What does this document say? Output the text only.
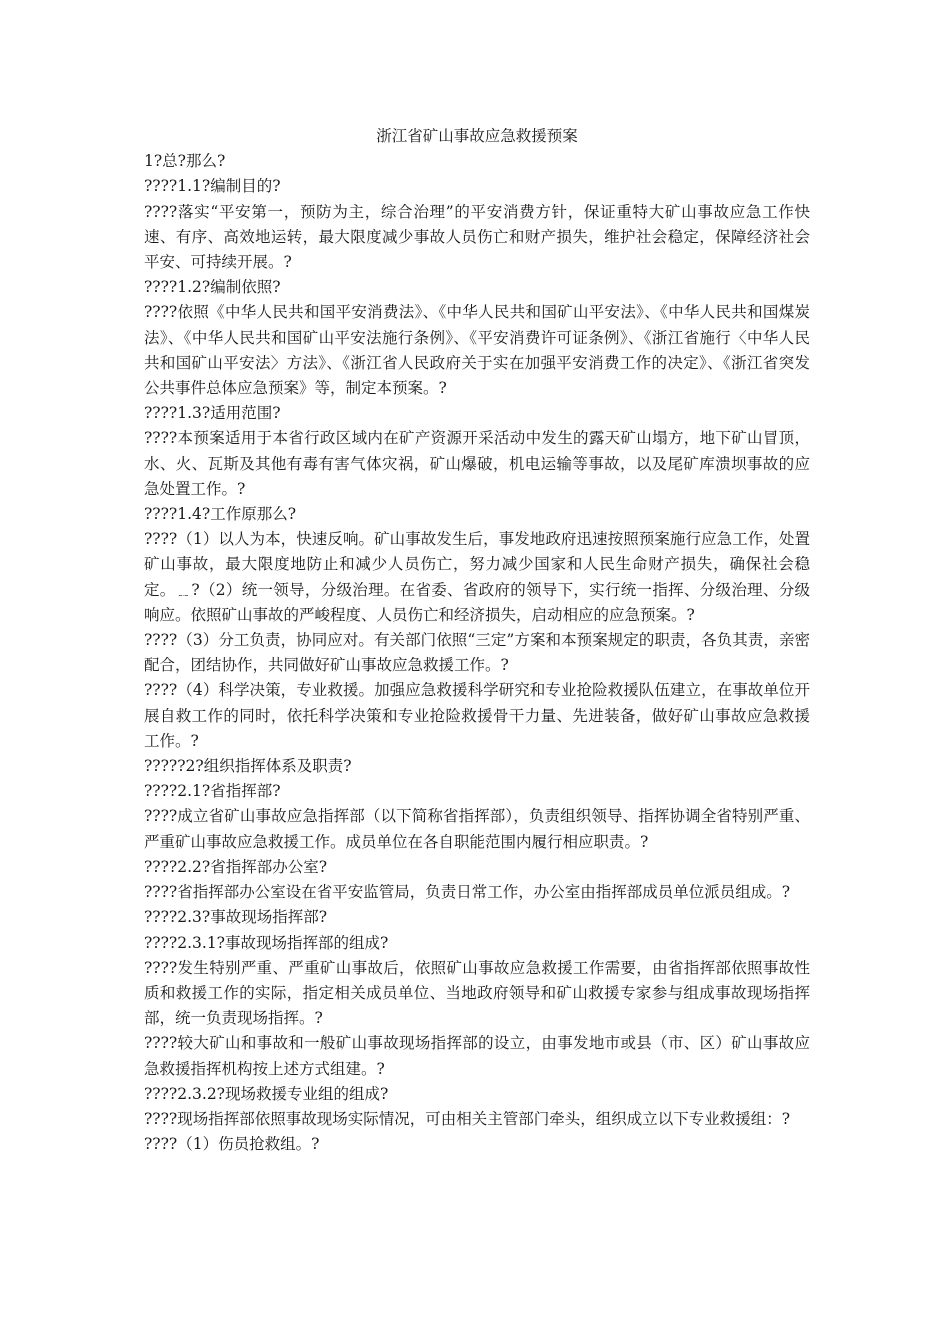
浙江省矿山事故应急救援预案

1?总?那么?

????1.1?编制目的?

????落实“平安第一，预防为主，综合治理”的平安消费方针，保证重特大矿山事故应急工作快速、有序、高效地运转，最大限度减少事故人员伤亡和财产损失，维护社会稳定，保障经济社会平安、可持续开展。?

????1.2?编制依照?

????依照《中华人民共和国平安消费法》、《中华人民共和国矿山平安法》、《中华人民共和国煤炭法》、《中华人民共和国矿山平安法施行条例》、《平安消费许可证条例》、《浙江省施行〈中华人民共和国矿山平安法〉方法》、《浙江省人民政府关于实在加强平安消费工作的决定》、《浙江省突发公共事件总体应急预案》等，制定本预案。?

????1.3?适用范围?

????本预案适用于本省行政区域内在矿产资源开采活动中发生的露天矿山塌方，地下矿山冒顶，水、火、瓦斯及其他有毒有害气体灾祸，矿山爆破，机电运输等事故，以及尾矿库溃坝事故的应急处置工作。?

????1.4?工作原那么?

????（1）以人为本，快速反响。矿山事故发生后，事发地政府迅速按照预案施行应急工作，处置矿山事故，最大限度地防止和减少人员伤亡，努力减少国家和人民生命财产损失，确保社会稳定。﹎?（2）统一领导，分级治理。在省委、省政府的领导下，实行统一指挥、分级治理、分级响应。依照矿山事故的严峻程度、人员伤亡和经济损失，启动相应的应急预案。?

????（3）分工负责，协同应对。有关部门依照“三定”方案和本预案规定的职责，各负其责，亲密配合，团结协作，共同做好矿山事故应急救援工作。?

????（4）科学决策，专业救援。加强应急救援科学研究和专业抢险救援队伍建立，在事故单位开展自救工作的同时，依托科学决策和专业抢险救援骨干力量、先进装备，做好矿山事故应急救援工作。?

?????2?组织指挥体系及职责?

????2.1?省指挥部?

????成立省矿山事故应急指挥部（以下简称省指挥部），负责组织领导、指挥协调全省特别严重、严重矿山事故应急救援工作。成员单位在各自职能范围内履行相应职责。?

????2.2?省指挥部办公室?

????省指挥部办公室设在省平安监管局，负责日常工作，办公室由指挥部成员单位派员组成。?

????2.3?事故现场指挥部?

????2.3.1?事故现场指挥部的组成?

????发生特别严重、严重矿山事故后，依照矿山事故应急救援工作需要，由省指挥部依照事故性质和救援工作的实际，指定相关成员单位、当地政府领导和矿山救援专家参与组成事故现场指挥部，统一负责现场指挥。?

????较大矿山和事故和一般矿山事故现场指挥部的设立，由事发地市或县（市、区）矿山事故应急救援指挥机构按上述方式组建。?

????2.3.2?现场救援专业组的组成?

????现场指挥部依照事故现场实际情况，可由相关主管部门牵头，组织成立以下专业救援组：?

????（1）伤员抢救组。?
